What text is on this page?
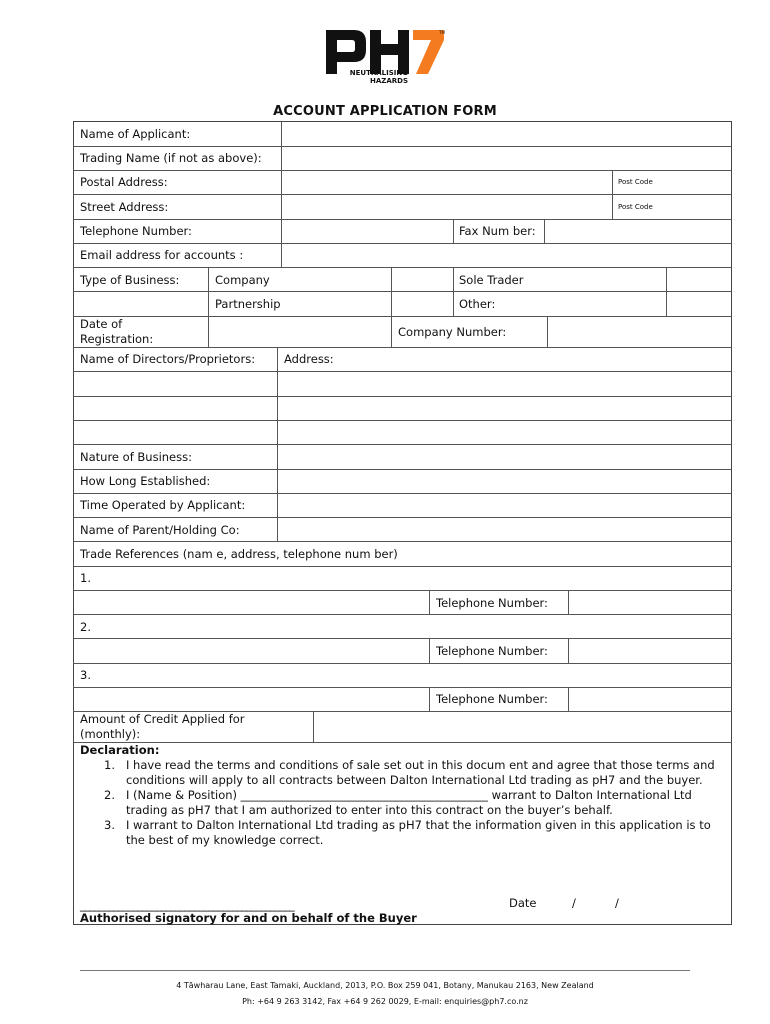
TM
NEUTRALISING
HAZARDS
ACCOUNT APPLICATION FORM
Name of Applicant:
Trading Name (if not as above):
Postal Address:	Post Code
Street Address:	Post Code
Telephone Number:	Fax Num ber:
Email address for accounts :
Type of Business:	Company	Sole Trader
Partnership	Other:
Date of Registration:	Company Number:
Name of Directors/Proprietors:	Address:
Nature of Business:
How Long Established:
Time Operated by Applicant:
Name of Parent/Holding Co:
Trade References (nam e, address, telephone num ber)
1.
Telephone Number:
2.
Telephone Number:
3.
Telephone Number:
Amount of Credit Applied for (monthly):
Declaration:
1. I have read the terms and conditions of sale set out in this docum ent and agree that those terms and conditions will apply to all contracts between Dalton International Ltd trading as pH7 and the buyer.
2. I (Name & Position) ___________________________________________ warrant to Dalton International Ltd trading as pH7 that I am authorized to enter into this contract on the buyer’s behalf.
3. I warrant to Dalton International Ltd trading as pH7 that the information given in this application is to the best of my knowledge correct.
_____________________________________________	Date	/	/
Authorised signatory for and on behalf of the Buyer
4 Tāwharau Lane, East Tamaki, Auckland, 2013, P.O. Box 259 041, Botany, Manukau 2163, New Zealand
Ph: +64 9 263 3142, Fax +64 9 262 0029, E-mail: enquiries@ph7.co.nz
